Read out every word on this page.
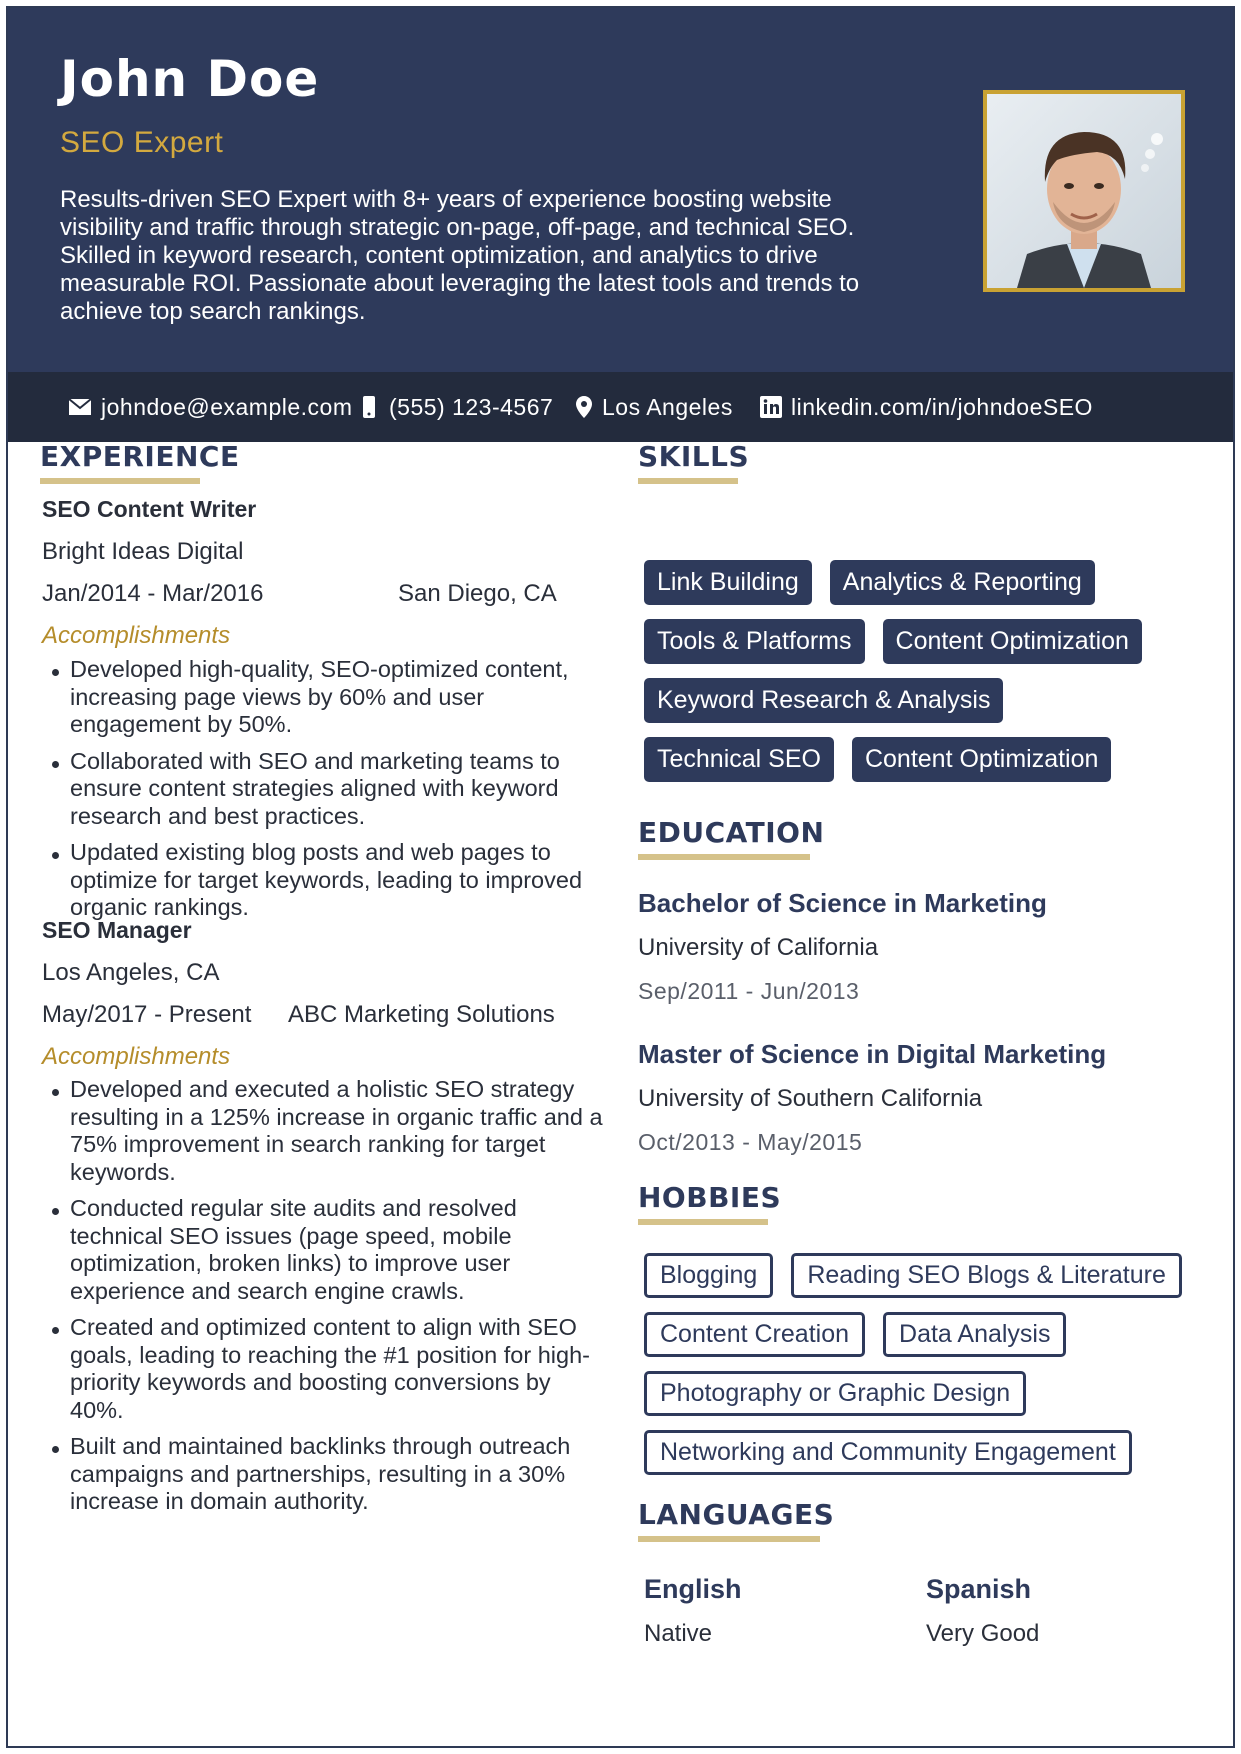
John Doe
SEO Expert
Results-driven SEO Expert with 8+ years of experience boosting website visibility and traffic through strategic on-page, off-page, and technical SEO. Skilled in keyword research, content optimization, and analytics to drive measurable ROI. Passionate about leveraging the latest tools and trends to achieve top search rankings.
johndoe@example.com (555) 123-4567 Los Angeles	linkedin.com/in/johndoeSEO
EXPERIENCE
SEO Content Writer
Bright Ideas Digital
Jan/2014 - Mar/2016	San Diego, CA
Accomplishments
Developed high-quality, SEO-optimized content, increasing page views by 60% and user engagement by 50%.
Collaborated with SEO and marketing teams to ensure content strategies aligned with keyword research and best practices.
Updated existing blog posts and web pages to optimize for target keywords, leading to improved organic rankings.
SEO Manager
Los Angeles, CA
May/2017 - Present ABC Marketing Solutions
Accomplishments
Developed and executed a holistic SEO strategy resulting in a 125% increase in organic traffic and a 75% improvement in search ranking for target keywords.
Conducted regular site audits and resolved technical SEO issues (page speed, mobile optimization, broken links) to improve user experience and search engine crawls.
Created and optimized content to align with SEO goals, leading to reaching the #1 position for high-priority keywords and boosting conversions by 40%.
Built and maintained backlinks through outreach campaigns and partnerships, resulting in a 30% increase in domain authority.
SKILLS
Link Building	Analytics & Reporting
Tools & Platforms	Content Optimization
Keyword Research & Analysis
Technical SEO	Content Optimization
EDUCATION
Bachelor of Science in Marketing
University of California
Sep/2011 - Jun/2013
Master of Science in Digital Marketing
University of Southern California
Oct/2013 - May/2015
HOBBIES
Blogging	Reading SEO Blogs & Literature
Content Creation	Data Analysis
Photography or Graphic Design
Networking and Community Engagement
LANGUAGES
English
Native
Spanish
Very Good
